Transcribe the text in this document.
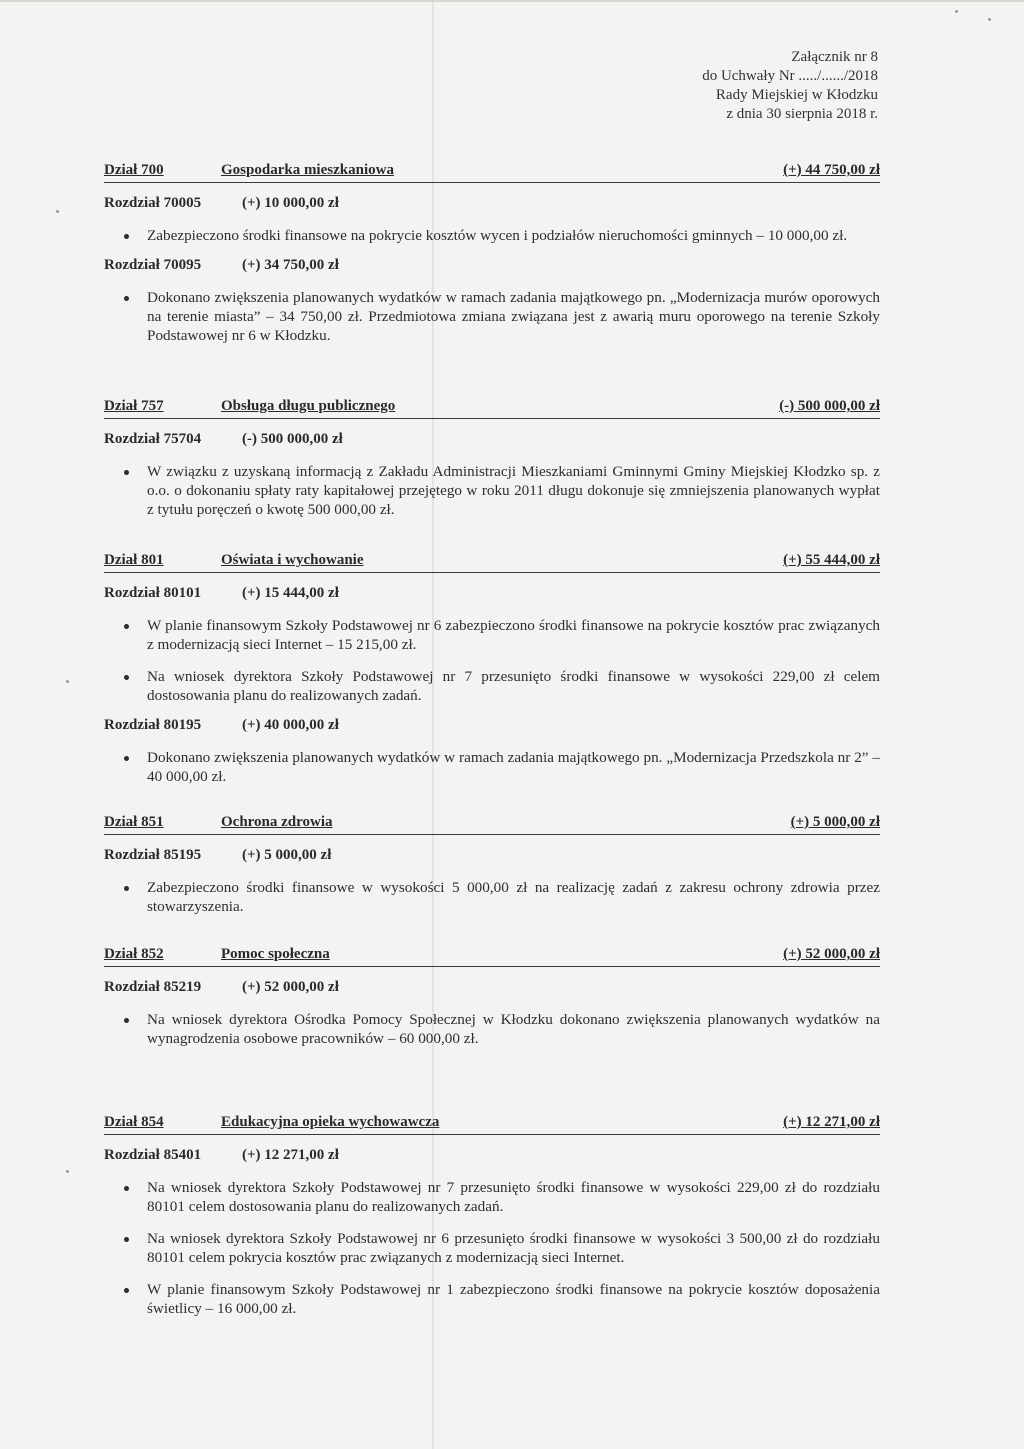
Załącznik nr 8
do Uchwały Nr ...../....../2018
Rady Miejskiej w Kłodzku
z dnia 30 sierpnia 2018 r.
Dział 700	Gospodarka mieszkaniowa	(+) 44 750,00 zł
Rozdział 70005	(+) 10 000,00 zł
Zabezpieczono środki finansowe na pokrycie kosztów wycen i podziałów nieruchomości gminnych – 10 000,00 zł.
Rozdział 70095	(+) 34 750,00 zł
Dokonano zwiększenia planowanych wydatków w ramach zadania majątkowego pn. „Modernizacja murów oporowych na terenie miasta” – 34 750,00 zł. Przedmiotowa zmiana związana jest z awarią muru oporowego na terenie Szkoły Podstawowej nr 6 w Kłodzku.
Dział 757	Obsługa długu publicznego	(-) 500 000,00 zł
Rozdział 75704	(-) 500 000,00 zł
W związku z uzyskaną informacją z Zakładu Administracji Mieszkaniami Gminnymi Gminy Miejskiej Kłodzko sp. z o.o. o dokonaniu spłaty raty kapitałowej przejętego w roku 2011 długu dokonuje się zmniejszenia planowanych wypłat z tytułu poręczeń o kwotę 500 000,00 zł.
Dział 801	Oświata i wychowanie	(+) 55 444,00 zł
Rozdział 80101	(+) 15 444,00 zł
W planie finansowym Szkoły Podstawowej nr 6 zabezpieczono środki finansowe na pokrycie kosztów prac związanych z modernizacją sieci Internet – 15 215,00 zł.
Na wniosek dyrektora Szkoły Podstawowej nr 7 przesunięto środki finansowe w wysokości 229,00 zł celem dostosowania planu do realizowanych zadań.
Rozdział 80195	(+) 40 000,00 zł
Dokonano zwiększenia planowanych wydatków w ramach zadania majątkowego pn. „Modernizacja Przedszkola nr 2” – 40 000,00 zł.
Dział 851	Ochrona zdrowia	(+) 5 000,00 zł
Rozdział 85195	(+) 5 000,00 zł
Zabezpieczono środki finansowe w wysokości 5 000,00 zł na realizację zadań z zakresu ochrony zdrowia przez stowarzyszenia.
Dział 852	Pomoc społeczna	(+) 52 000,00 zł
Rozdział 85219	(+) 52 000,00 zł
Na wniosek dyrektora Ośrodka Pomocy Społecznej w Kłodzku dokonano zwiększenia planowanych wydatków na wynagrodzenia osobowe pracowników – 60 000,00 zł.
Dział 854	Edukacyjna opieka wychowawcza	(+) 12 271,00 zł
Rozdział 85401	(+) 12 271,00 zł
Na wniosek dyrektora Szkoły Podstawowej nr 7 przesunięto środki finansowe w wysokości 229,00 zł do rozdziału 80101 celem dostosowania planu do realizowanych zadań.
Na wniosek dyrektora Szkoły Podstawowej nr 6 przesunięto środki finansowe w wysokości 3 500,00 zł do rozdziału 80101 celem pokrycia kosztów prac związanych z modernizacją sieci Internet.
W planie finansowym Szkoły Podstawowej nr 1 zabezpieczono środki finansowe na pokrycie kosztów doposażenia świetlicy – 16 000,00 zł.
